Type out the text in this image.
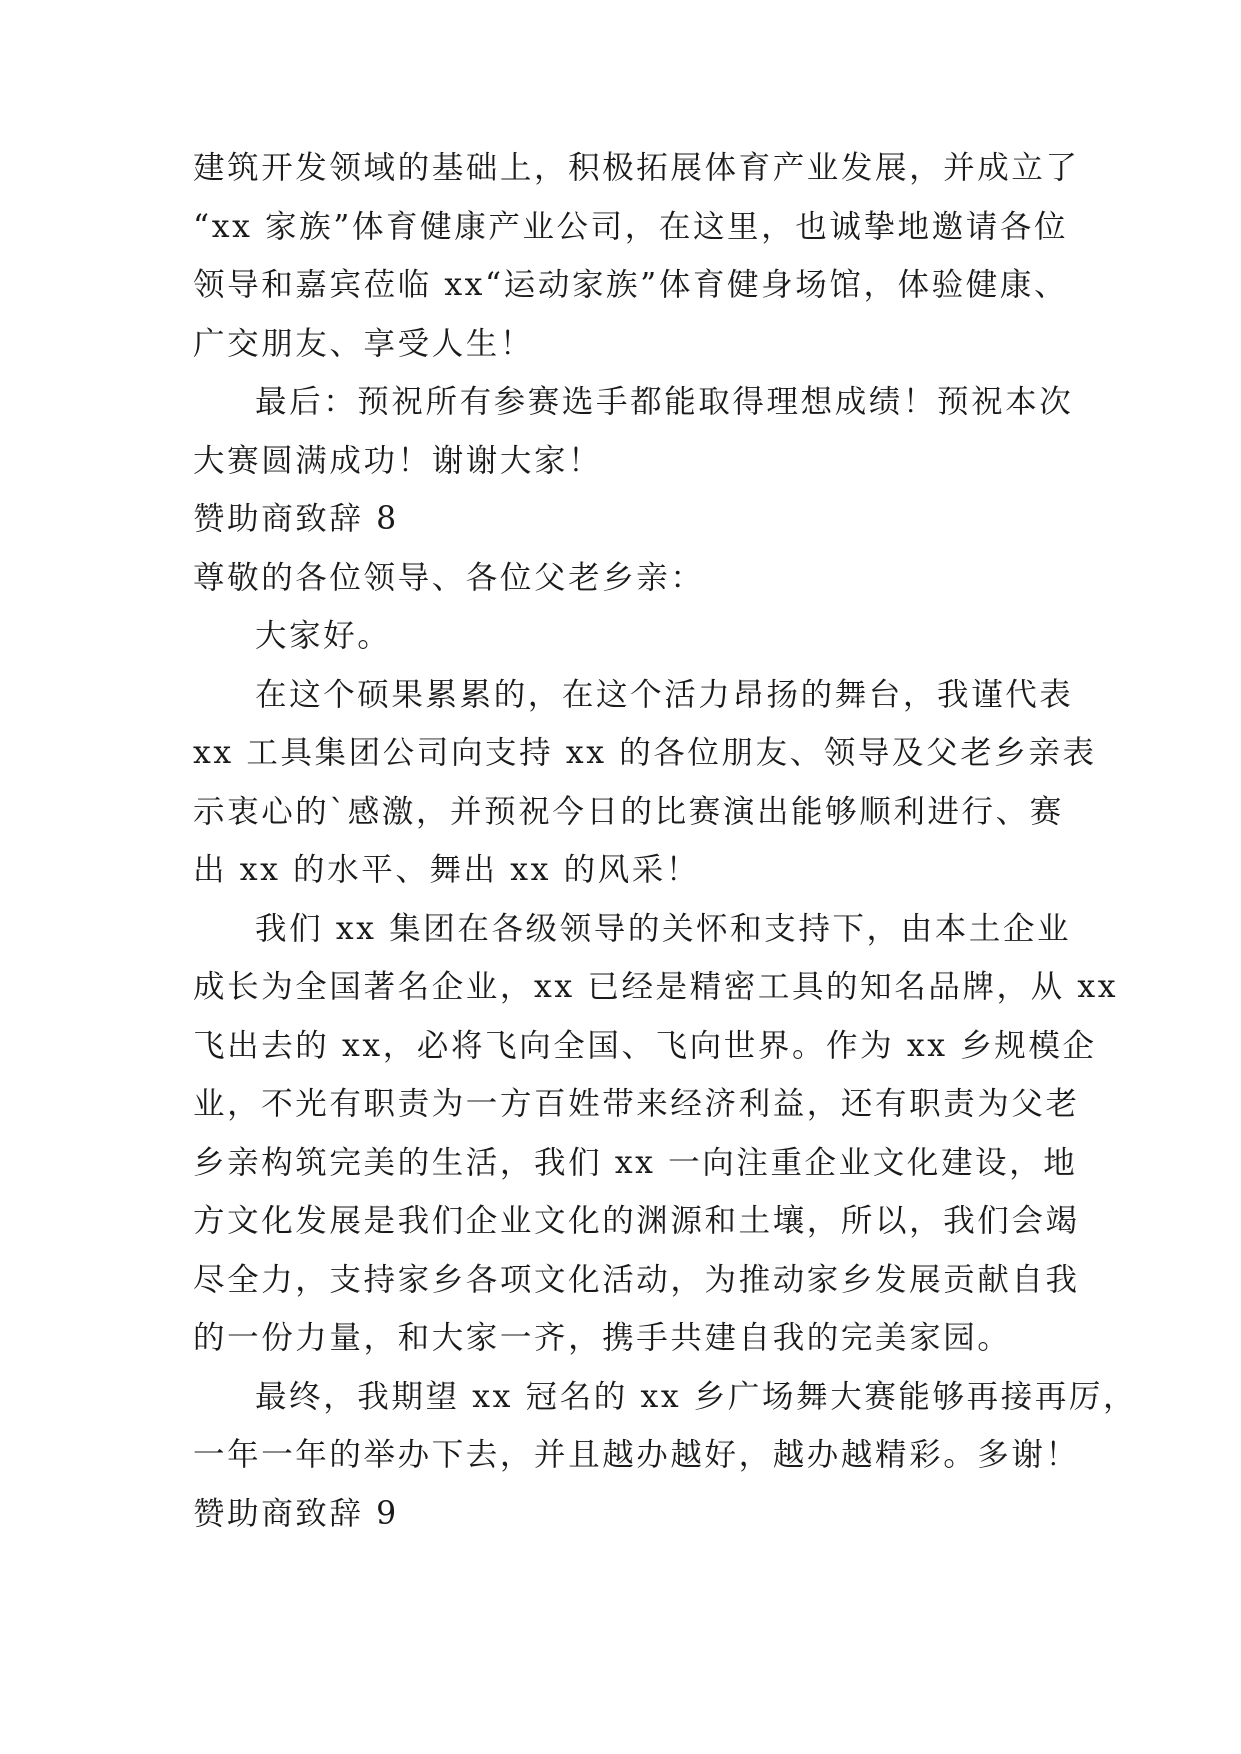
建筑开发领域的基础上，积极拓展体育产业发展，并成立了
“xx 家族”体育健康产业公司，在这里，也诚挚地邀请各位
领导和嘉宾莅临 xx“运动家族”体育健身场馆，体验健康、
广交朋友、享受人生！
最后：预祝所有参赛选手都能取得理想成绩！预祝本次
大赛圆满成功！谢谢大家！
赞助商致辞 8
尊敬的各位领导、各位父老乡亲：
大家好。
在这个硕果累累的，在这个活力昂扬的舞台，我谨代表
xx 工具集团公司向支持 xx 的各位朋友、领导及父老乡亲表
示衷心的`感激，并预祝今日的比赛演出能够顺利进行、赛
出 xx 的水平、舞出 xx 的风采！
我们 xx 集团在各级领导的关怀和支持下，由本土企业
成长为全国著名企业，xx 已经是精密工具的知名品牌，从 xx
飞出去的 xx，必将飞向全国、飞向世界。作为 xx 乡规模企
业，不光有职责为一方百姓带来经济利益，还有职责为父老
乡亲构筑完美的生活，我们 xx 一向注重企业文化建设，地
方文化发展是我们企业文化的渊源和土壤，所以，我们会竭
尽全力，支持家乡各项文化活动，为推动家乡发展贡献自我
的一份力量，和大家一齐，携手共建自我的完美家园。
最终，我期望 xx 冠名的 xx 乡广场舞大赛能够再接再厉，
一年一年的举办下去，并且越办越好，越办越精彩。多谢！
赞助商致辞 9
